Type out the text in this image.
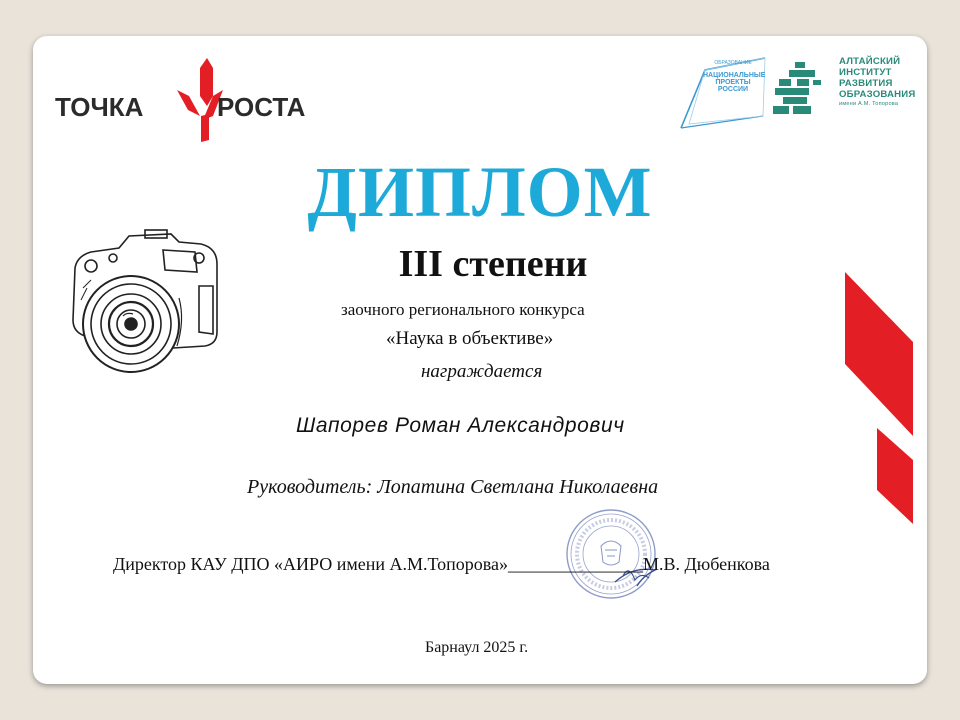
ТОЧКА	РОСТА
ОБРАЗОВАНИЕ
НАЦИОНАЛЬНЫЕ
ПРОЕКТЫ
РОССИИ
АЛТАЙСКИЙ
ИНСТИТУТ
РАЗВИТИЯ
ОБРАЗОВАНИЯ
имени А.М. Топорова
ДИПЛОМ
III степени
заочного регионального конкурса
«Наука в объективе»
награждается
Шапорев Роман Александрович
Руководитель: Лопатина Светлана Николаевна
Директор КАУ ДПО «АИРО имени А.М.Топорова»_______________М.В. Дюбенкова
Барнаул 2025 г.
